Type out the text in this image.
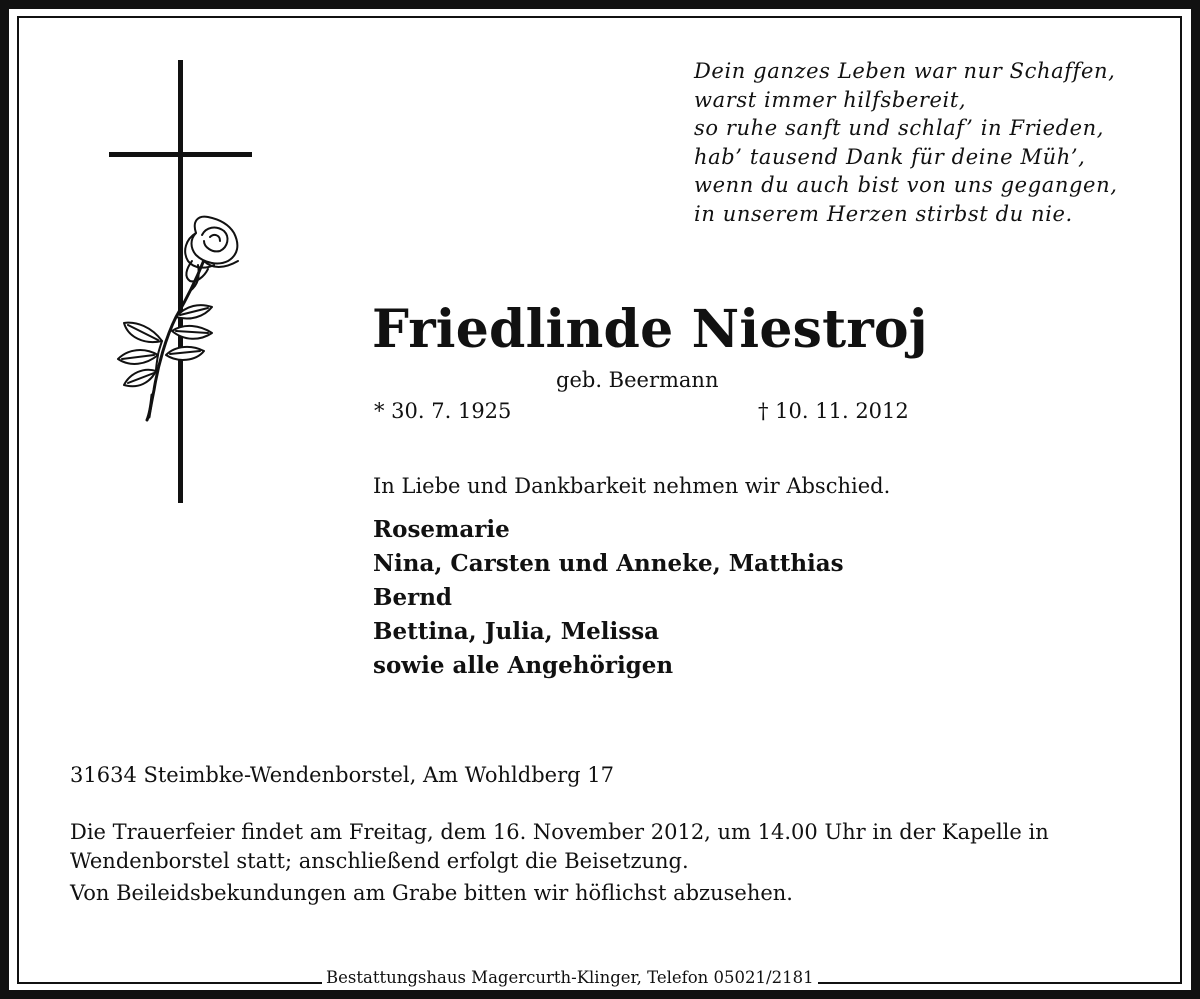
Dein ganzes Leben war nur Schaffen,
warst immer hilfsbereit,
so ruhe sanft und schlaf’ in Frieden,
hab’ tausend Dank für deine Müh’,
wenn du auch bist von uns gegangen,
in unserem Herzen stirbst du nie.
Friedlinde Niestroj
geb. Beermann
* 30. 7. 1925	† 10. 11. 2012
In Liebe und Dankbarkeit nehmen wir Abschied.
Rosemarie
Nina, Carsten und Anneke, Matthias
Bernd
Bettina, Julia, Melissa
sowie alle Angehörigen
31634 Steimbke-Wendenborstel, Am Wohldberg 17
Die Trauerfeier findet am Freitag, dem 16. November 2012, um 14.00 Uhr in der Kapelle in
Wendenborstel statt; anschließend erfolgt die Beisetzung.
Von Beileidsbekundungen am Grabe bitten wir höflichst abzusehen.
Bestattungshaus Magercurth-Klinger, Telefon 05021/2181
